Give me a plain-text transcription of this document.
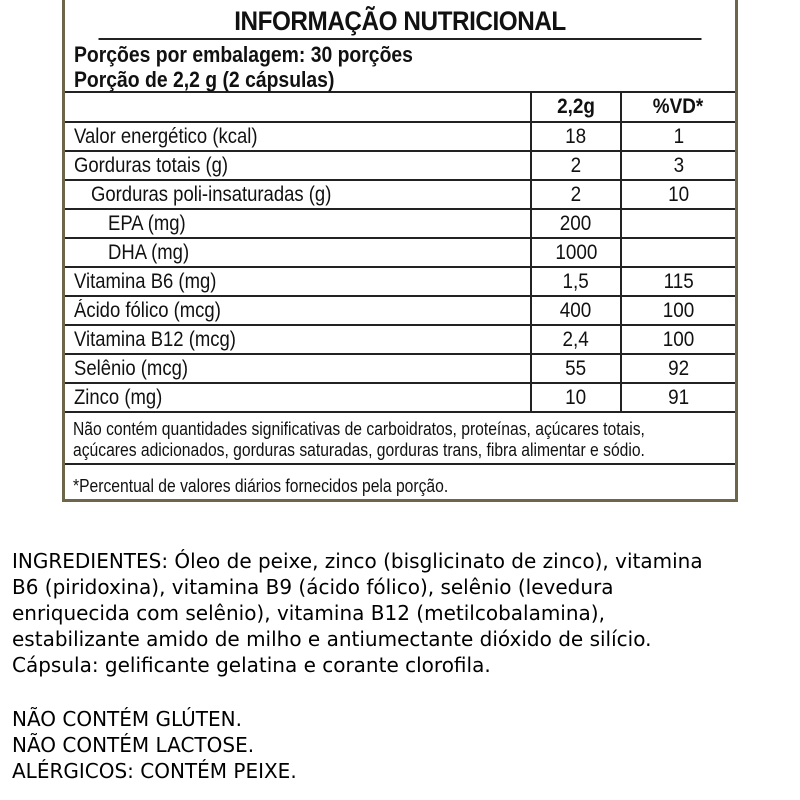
INFORMAÇÃO NUTRICIONAL
Porções por embalagem: 30 porções
Porção de 2,2 g (2 cápsulas)
	2,2g	%VD*
Valor energético (kcal)	18	1
Gorduras totais (g)	2	3
Gorduras poli-insaturadas (g)	2	10
EPA (mg)	200	
DHA (mg)	1000	
Vitamina B6 (mg)	1,5	115
Ácido fólico (mcg)	400	100
Vitamina B12 (mcg)	2,4	100
Selênio (mcg)	55	92
Zinco (mg)	10	91
Não contém quantidades significativas de carboidratos, proteínas, açúcares totais,
açúcares adicionados, gorduras saturadas, gorduras trans, fibra alimentar e sódio.
*Percentual de valores diários fornecidos pela porção.
INGREDIENTES: Óleo de peixe, zinco (bisglicinato de zinco), vitamina
B6 (piridoxina), vitamina B9 (ácido fólico), selênio (levedura
enriquecida com selênio), vitamina B12 (metilcobalamina),
estabilizante amido de milho e antiumectante dióxido de silício.
Cápsula: gelificante gelatina e corante clorofila.
NÃO CONTÉM GLÚTEN.
NÃO CONTÉM LACTOSE.
ALÉRGICOS: CONTÉM PEIXE.
